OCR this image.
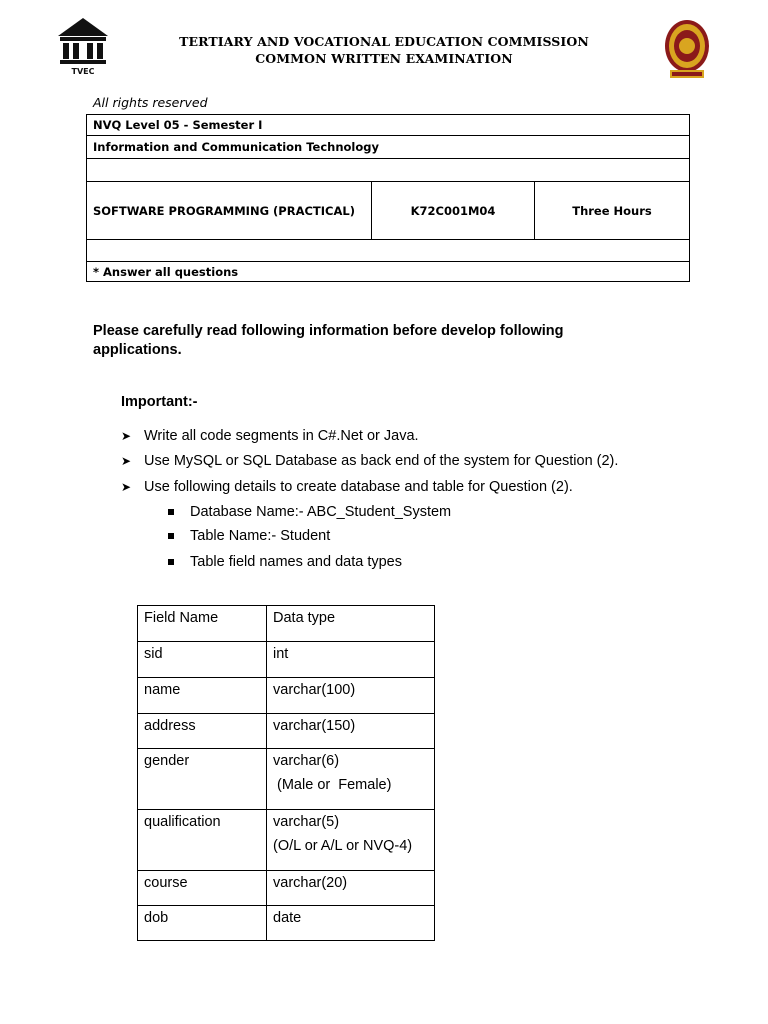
TVEC
TERTIARY AND VOCATIONAL EDUCATION COMMISSION
COMMON WRITTEN EXAMINATION
All rights reserved
NVQ Level 05 - Semester I
Information and Communication Technology

SOFTWARE PROGRAMMING (PRACTICAL)	K72C001M04	Three Hours

* Answer all questions
Please carefully read following information before develop following applications.
Important:-
➤ Write all code segments in C#.Net or Java.
➤ Use MySQL or SQL Database as back end of the system for Question (2).
➤ Use following details to create database and table for Question (2).
Database Name:- ABC_Student_System
Table Name:- Student
Table field names and data types
Field Name	Data type
sid	int
name	varchar(100)
address	varchar(150)
gender	varchar(6)
(Male or  Female)

qualification	varchar(5)
(O/L or A/L or NVQ-4)

course	varchar(20)
dob	date
